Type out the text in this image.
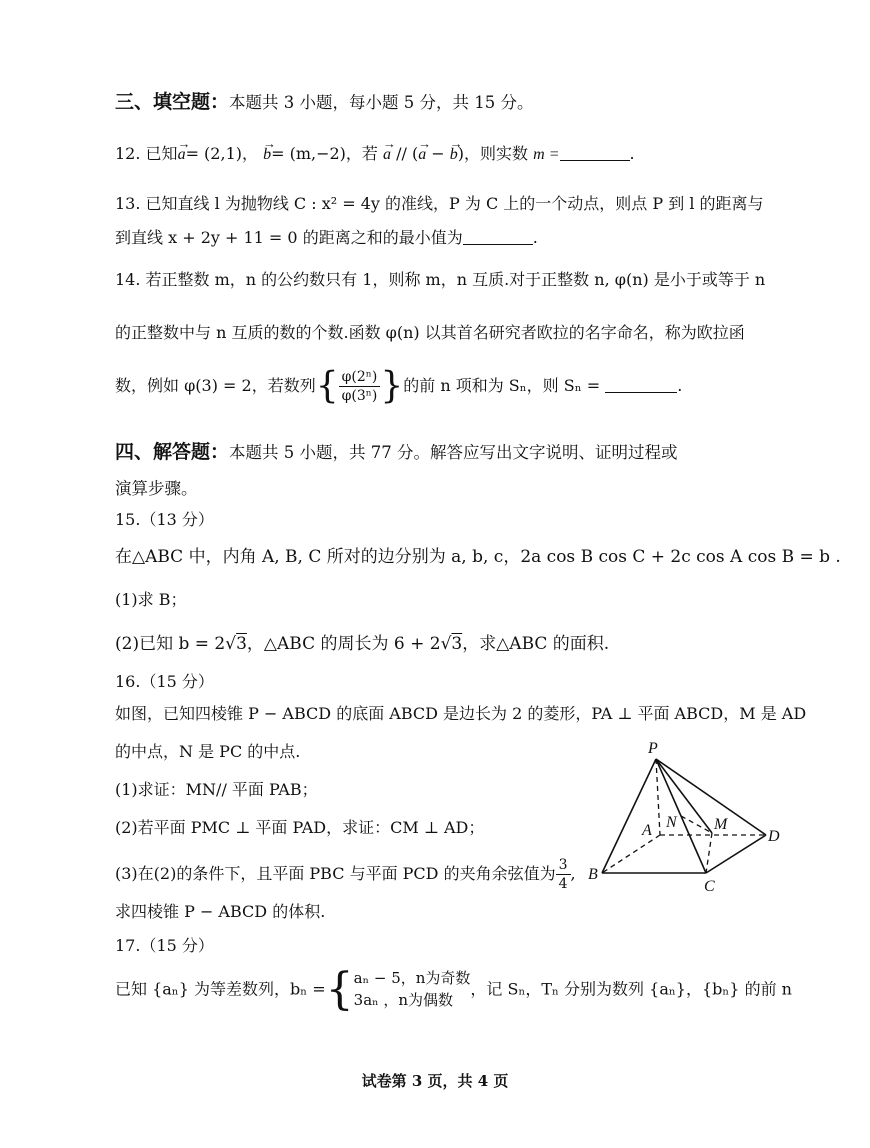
三、填空题：本题共 3 小题，每小题 5 分，共 15 分。
12. 已知→ a= (2,1)， → b= (m,−2)，若 → a // (→ a − → b)，则实数 m =	.
13. 已知直线 l 为抛物线 C : x² = 4y 的准线，P 为 C 上的一个动点，则点 P 到 l 的距离与
到直线 x + 2y + 11 = 0 的距离之和的最小值为	.
14. 若正整数 m，n 的公约数只有 1，则称 m，n 互质.对于正整数 n, φ(n) 是小于或等于 n
的正整数中与 n 互质的数的个数.函数 φ(n) 以其首名研究者欧拉的名字命名，称为欧拉函
数，例如 φ(3) = 2，若数列{ $\frac{\text{φ(2ⁿ)}}{\text{φ(3ⁿ)}}$ }的前 n 项和为 Sₙ，则 Sₙ =	.
四、解答题：本题共 5 小题，共 77 分。解答应写出文字说明、证明过程或
演算步骤。
15.（13 分）
在△ABC 中，内角 A, B, C 所对的边分别为 a, b, c，2a cos B cos C + 2c cos A cos B = b .
(1)求 B；
(2)已知 b = 2√3，△ABC 的周长为 6 + 2√3，求△ABC 的面积.
16.（15 分）
如图，已知四棱锥 P − ABCD 的底面 ABCD 是边长为 2 的菱形，PA ⊥ 平面 ABCD，M 是 AD
的中点，N 是 PC 的中点.
(1)求证：MN// 平面 PAB；
(2)若平面 PMC ⊥ 平面 PAD，求证：CM ⊥ AD；
(3)在(2)的条件下，且平面 PBC 与平面 PCD 的夹角余弦值为 $\frac{3}{4}$ ,
求四棱锥 P − ABCD 的体积.
P
A N M
D
B
C
17.（15 分）
已知 {aₙ} 为等差数列，bₙ ={ aₙ − 5，n为奇数
3aₙ ，n为偶数
，记 Sₙ，Tₙ 分别为数列 {aₙ}，{bₙ} 的前 n
试卷第 3 页，共 4 页
